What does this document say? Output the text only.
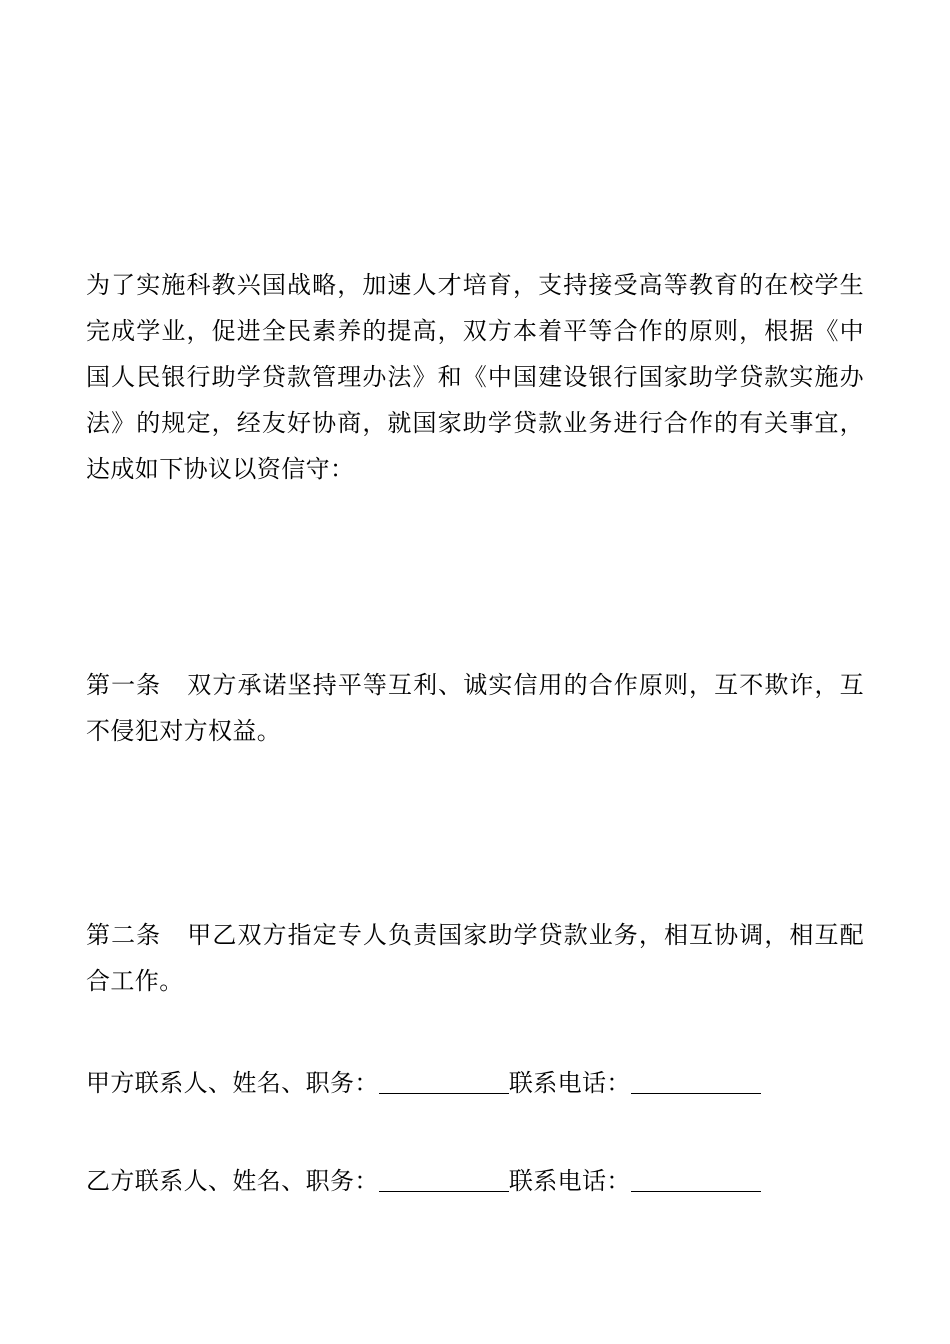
为了实施科教兴国战略，加速人才培育，支持接受高等教育的在校学生完成学业，促进全民素养的提高，双方本着平等合作的原则，根据《中国人民银行助学贷款管理办法》和《中国建设银行国家助学贷款实施办法》的规定，经友好协商，就国家助学贷款业务进行合作的有关事宜，达成如下协议以资信守：

第一条 双方承诺坚持平等互利、诚实信用的合作原则，互不欺诈，互不侵犯对方权益。

第二条 甲乙双方指定专人负责国家助学贷款业务，相互协调，相互配合工作。

甲方联系人、姓名、职务：	联系电话：

乙方联系人、姓名、职务：	联系电话：
